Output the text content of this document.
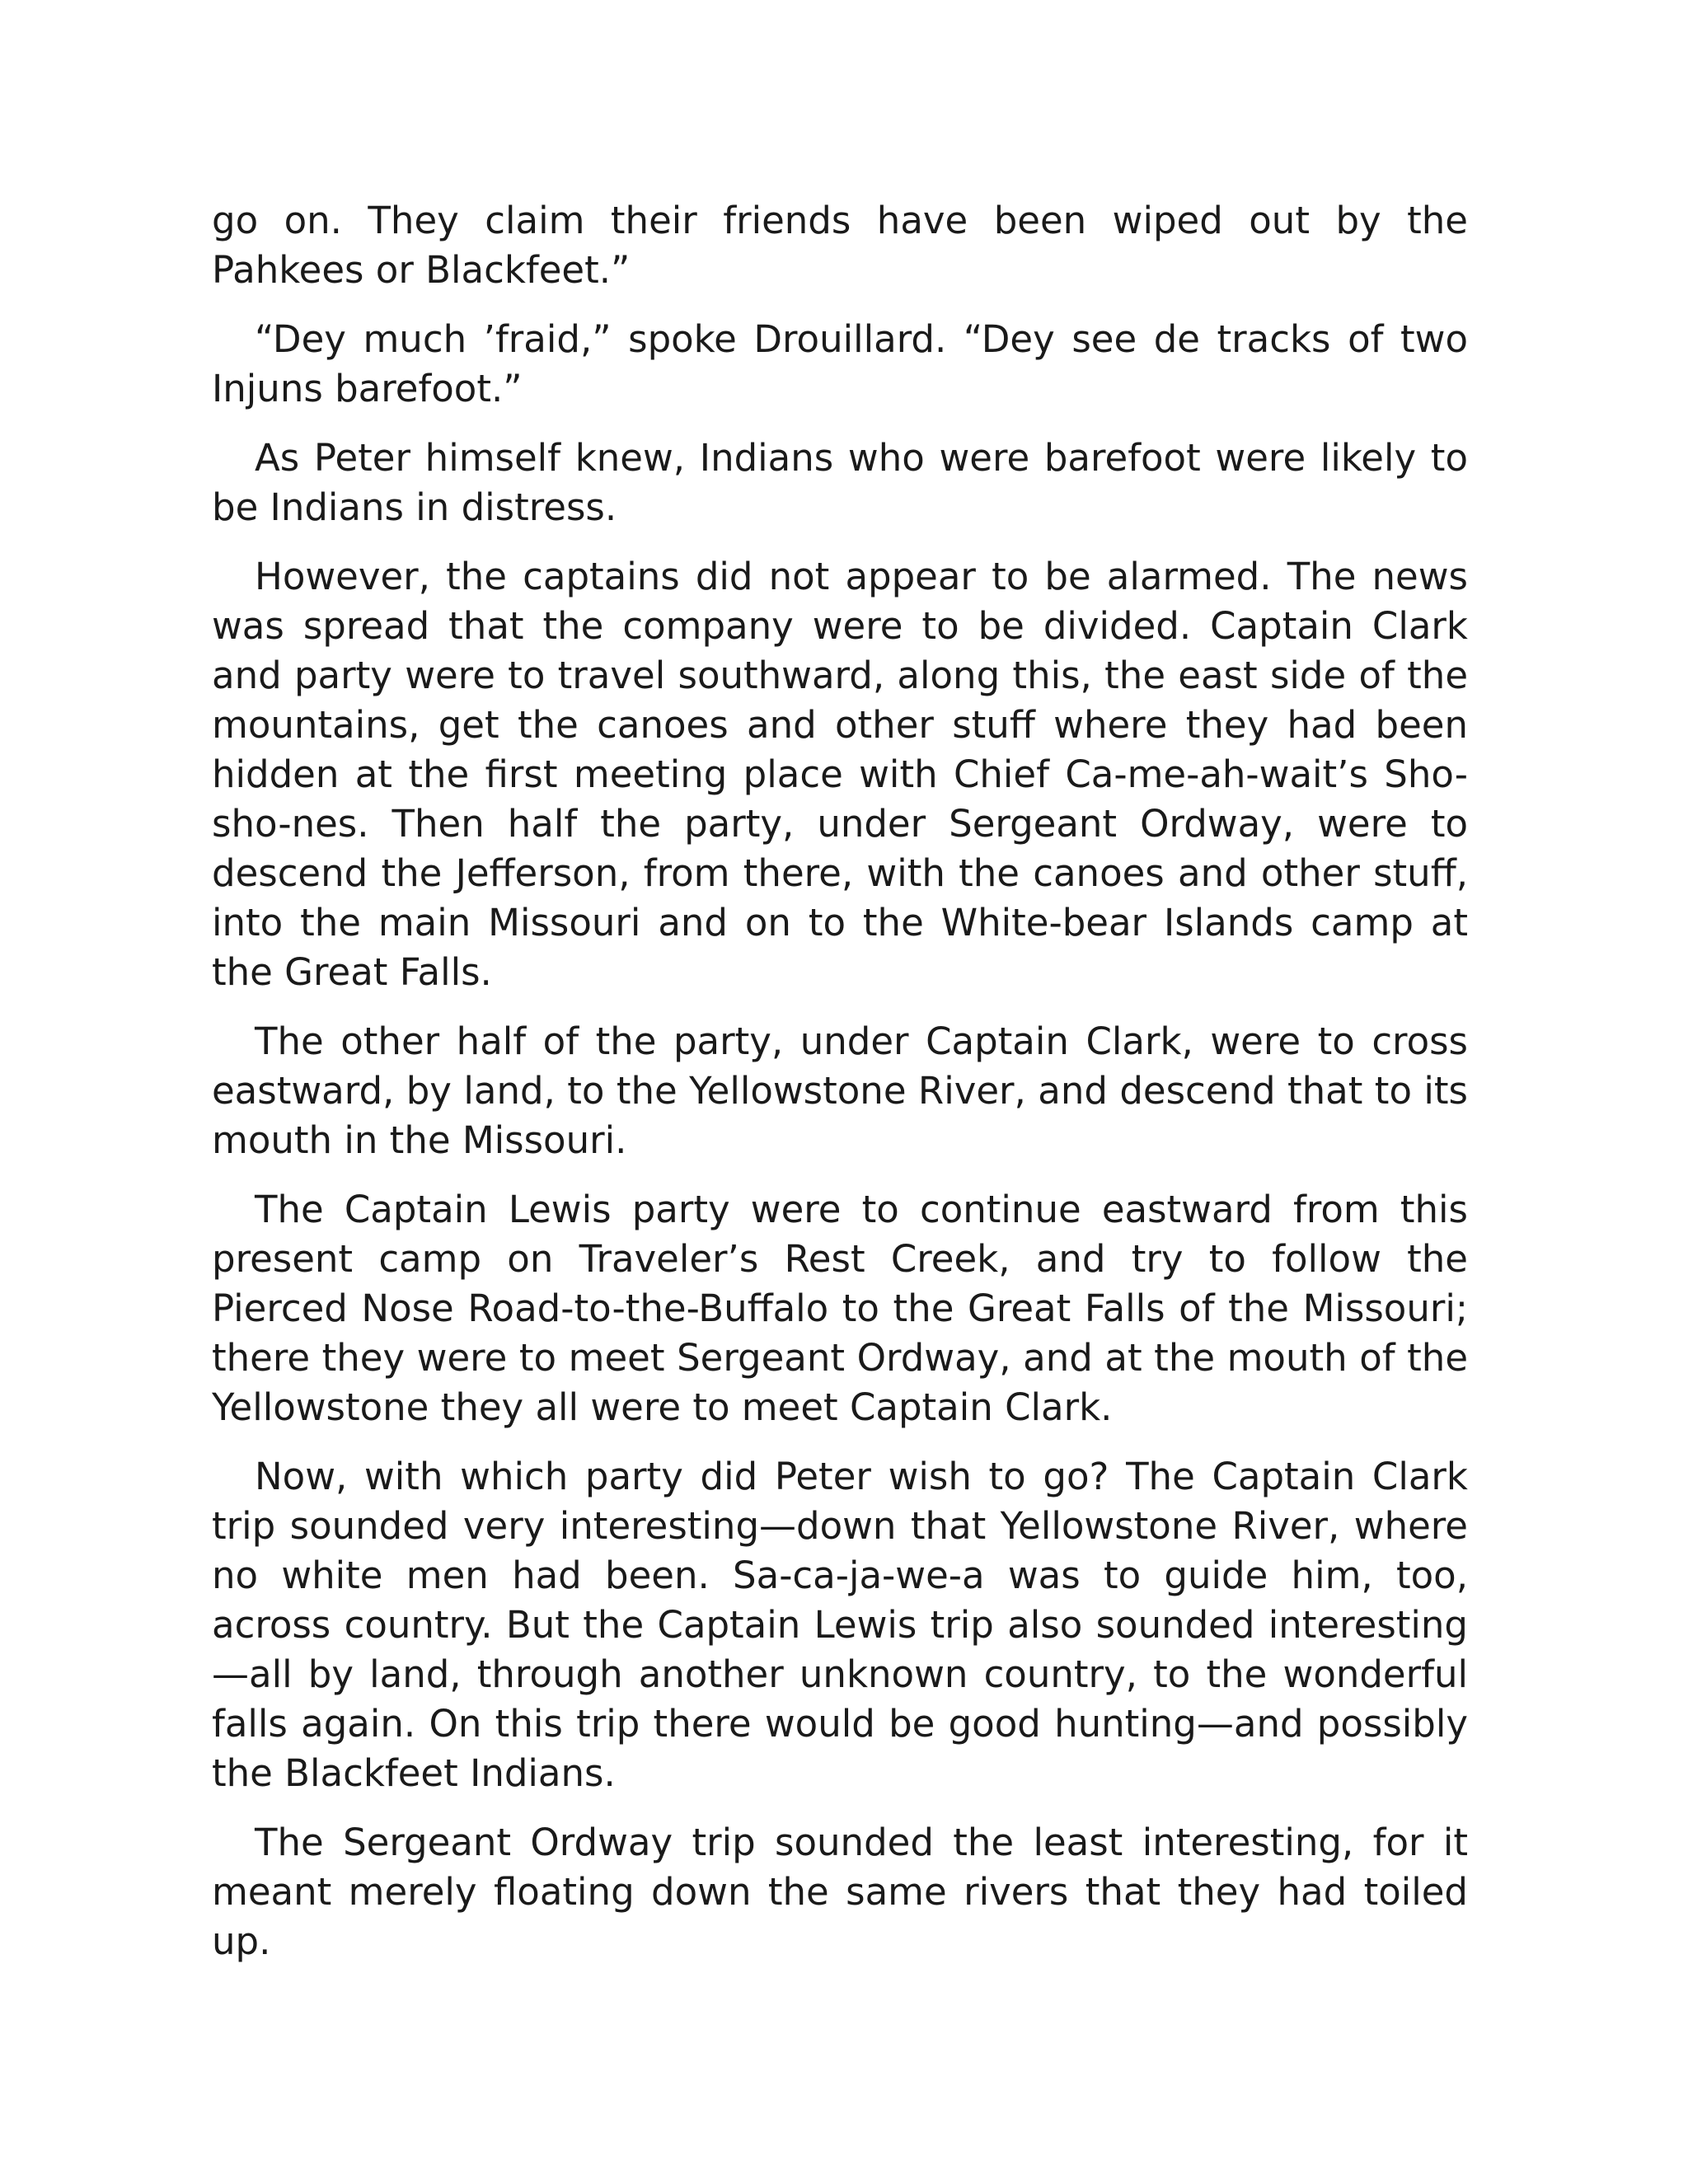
go on. They claim their friends have been wiped out by the Pahkees or Blackfeet.”

“Dey much ’fraid,” spoke Drouillard. “Dey see de tracks of two Injuns barefoot.”

As Peter himself knew, Indians who were barefoot were likely to be Indians in distress.

However, the captains did not appear to be alarmed. The news was spread that the company were to be divided. Captain Clark and party were to travel southward, along this, the east side of the mountains, get the canoes and other stuff where they had been hidden at the first meeting place with Chief Ca-me-ah-wait’s Sho-sho-nes. Then half the party, under Sergeant Ordway, were to descend the Jefferson, from there, with the canoes and other stuff, into the main Missouri and on to the White-bear Islands camp at the Great Falls.

The other half of the party, under Captain Clark, were to cross eastward, by land, to the Yellowstone River, and descend that to its mouth in the Missouri.

The Captain Lewis party were to continue eastward from this present camp on Traveler’s Rest Creek, and try to follow the Pierced Nose Road-to-the-Buffalo to the Great Falls of the Missouri; there they were to meet Sergeant Ordway, and at the mouth of the Yellowstone they all were to meet Captain Clark.

Now, with which party did Peter wish to go? The Captain Clark trip sounded very interesting—down that Yellowstone River, where no white men had been. Sa-ca-ja-we-a was to guide him, too, across country. But the Captain Lewis trip also sounded interesting—all by land, through another unknown country, to the wonderful falls again. On this trip there would be good hunting—and possibly the Blackfeet Indians.

The Sergeant Ordway trip sounded the least interesting, for it meant merely floating down the same rivers that they had toiled up.
